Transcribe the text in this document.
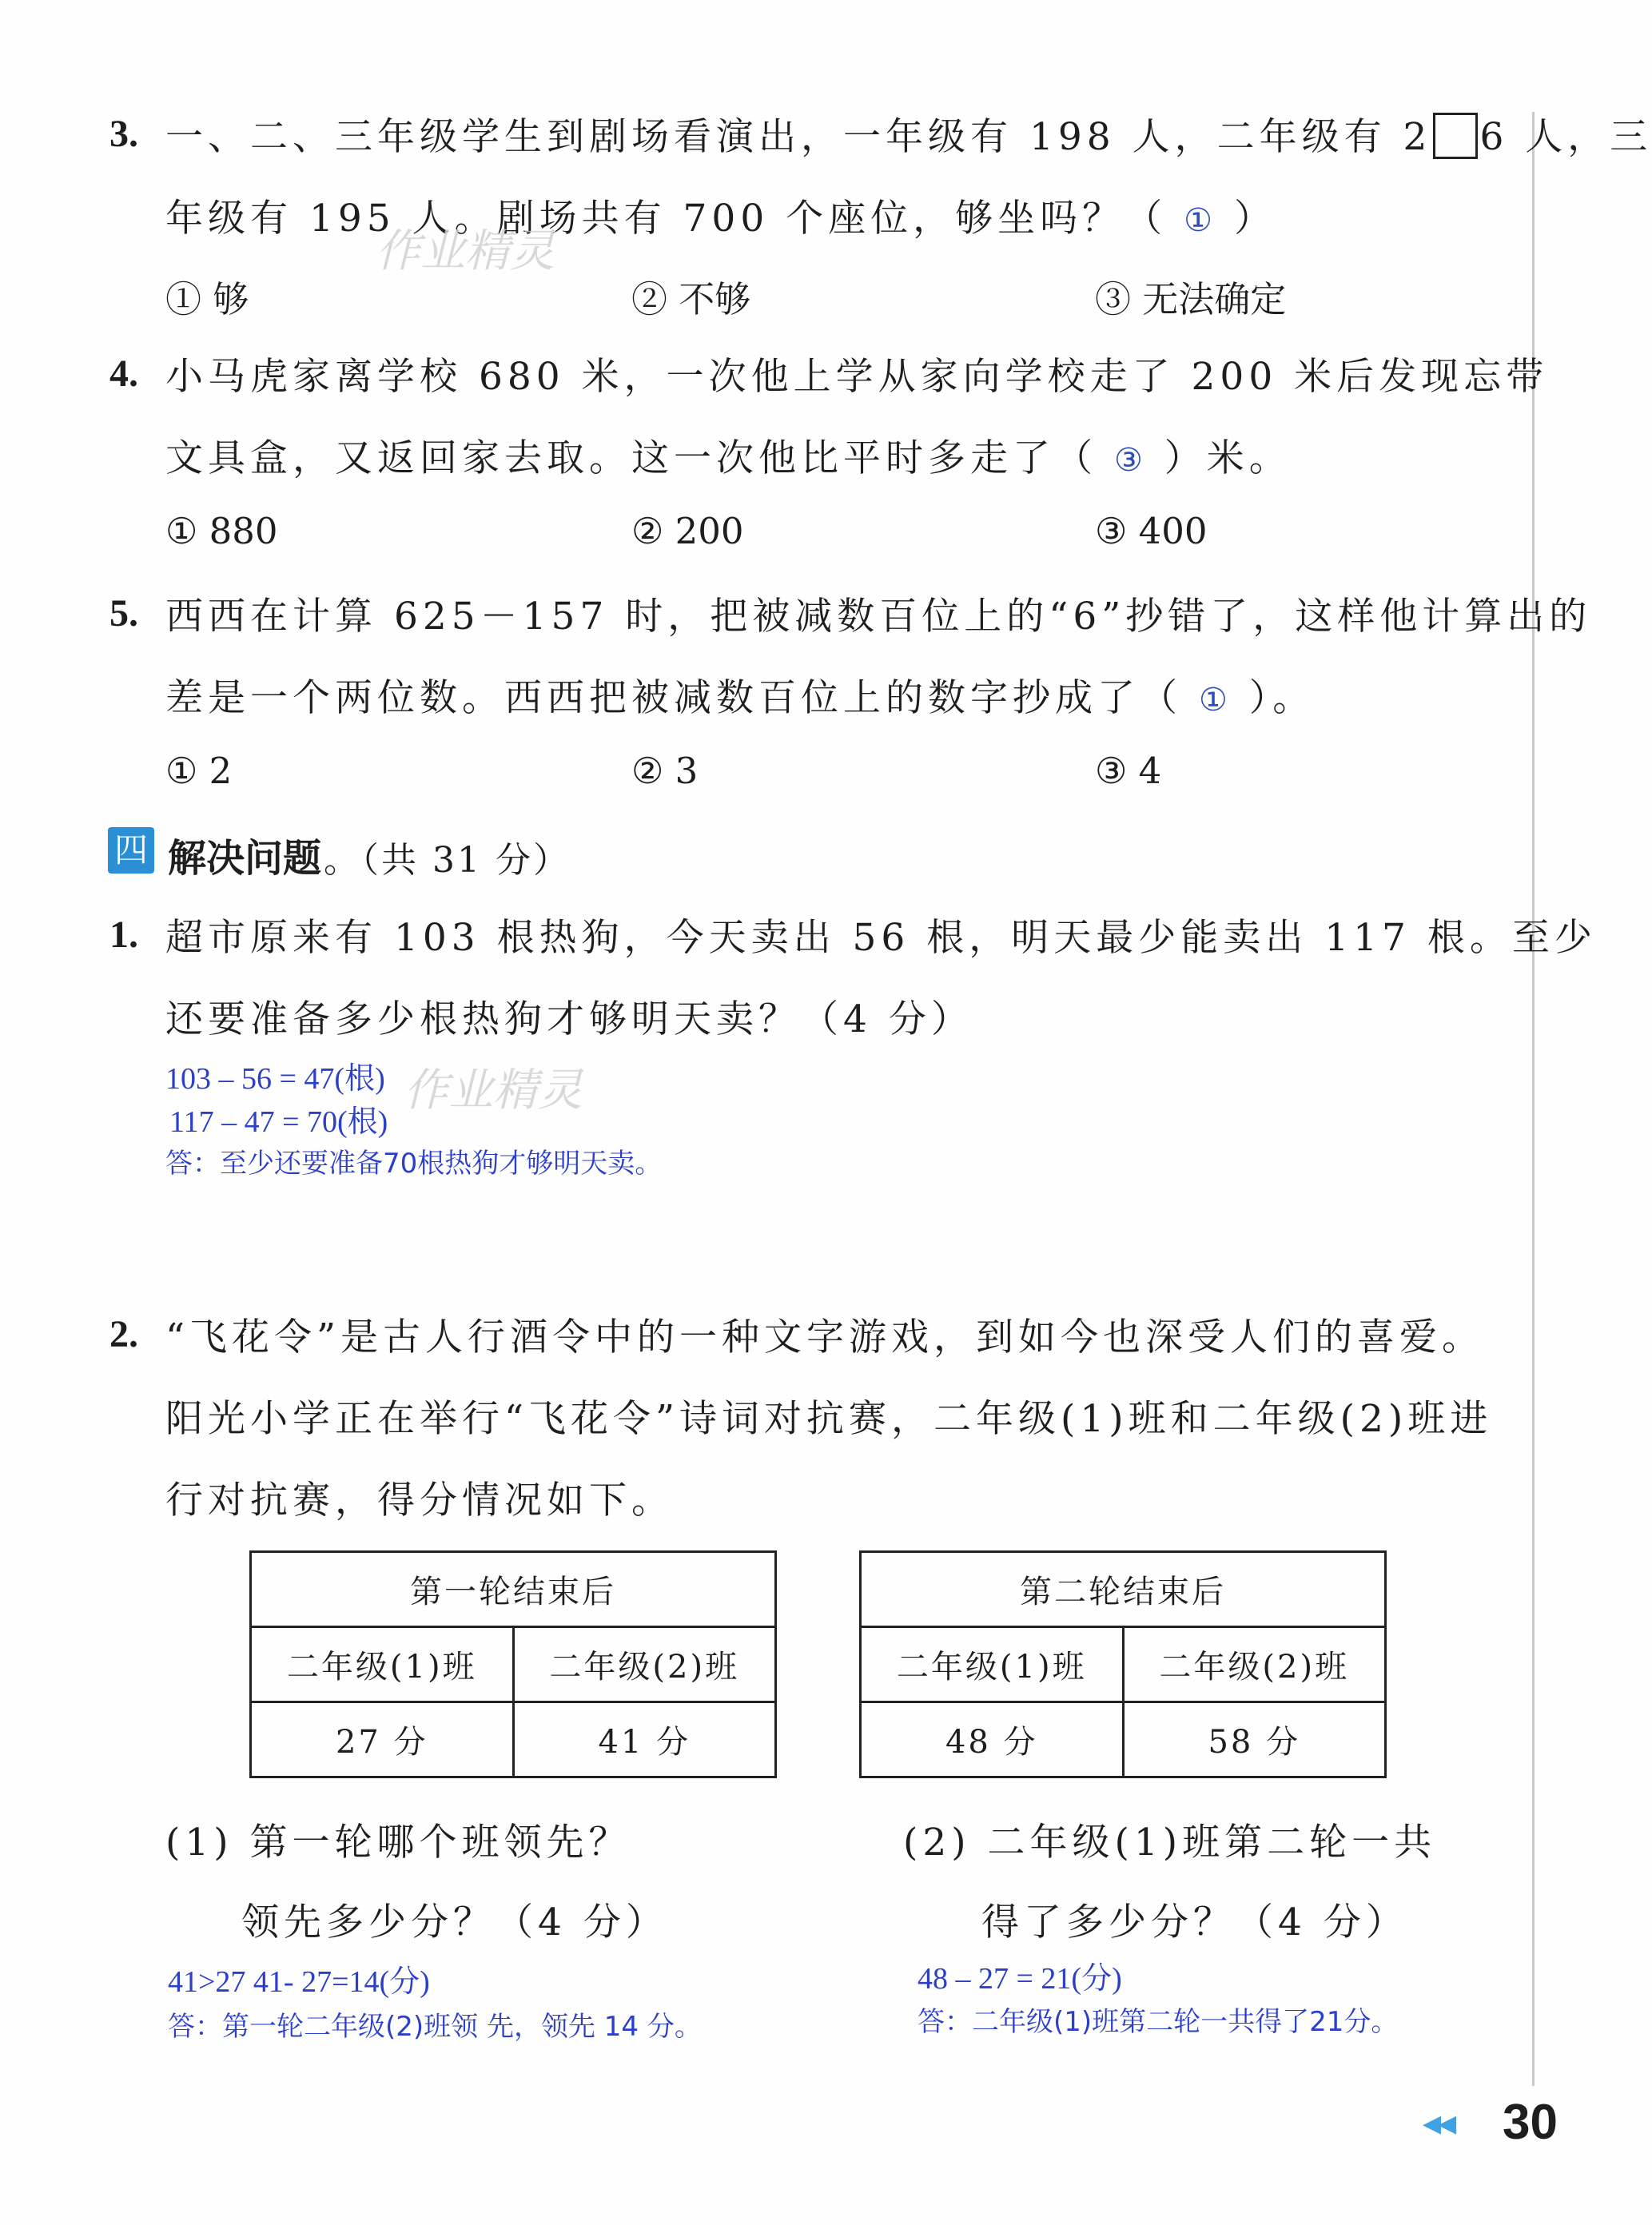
3. 一、二、三年级学生到剧场看演出，一年级有 198 人，二年级有 2 6 人，三
年级有 195 人。剧场共有 700 个座位，够坐吗？（ ① ）
① 够	② 不够	③ 无法确定
4. 小马虎家离学校 680 米，一次他上学从家向学校走了 200 米后发现忘带
文具盒，又返回家去取。这一次他比平时多走了（ ③ ）米。
① 880	② 200	③ 400
5. 西西在计算 625－157 时，把被减数百位上的“6”抄错了，这样他计算出的
差是一个两位数。西西把被减数百位上的数字抄成了（ ① ）。
① 2	② 3	③ 4
四 解决问题 。（共 31 分）
1. 超市原来有 103 根热狗，今天卖出 56 根，明天最少能卖出 117 根。至少
还要准备多少根热狗才够明天卖？（4 分）
103 – 56 = 47(根)
117 – 47 = 70(根)
答：至少还要准备70根热狗才够明天卖。
2. “飞花令”是古人行酒令中的一种文字游戏，到如今也深受人们的喜爱。
阳光小学正在举行“飞花令”诗词对抗赛，二年级(1)班和二年级(2)班进
行对抗赛，得分情况如下。
第一轮结束后	
二年级(1)班	二年级(2)班
27 分	41 分
第二轮结束后	
二年级(1)班	二年级(2)班
48 分	58 分
(1) 第一轮哪个班领先？
领先多少分？（4 分）
(2) 二年级(1)班第二轮一共
得了多少分？（4 分）
41>27 41- 27=14(分)
答：第一轮二年级(2)班领 先，领先 14 分。
48 – 27 = 21(分)
答：二年级(1)班第二轮一共得了21分。
作业精灵
作业精灵
◀◀ 30
